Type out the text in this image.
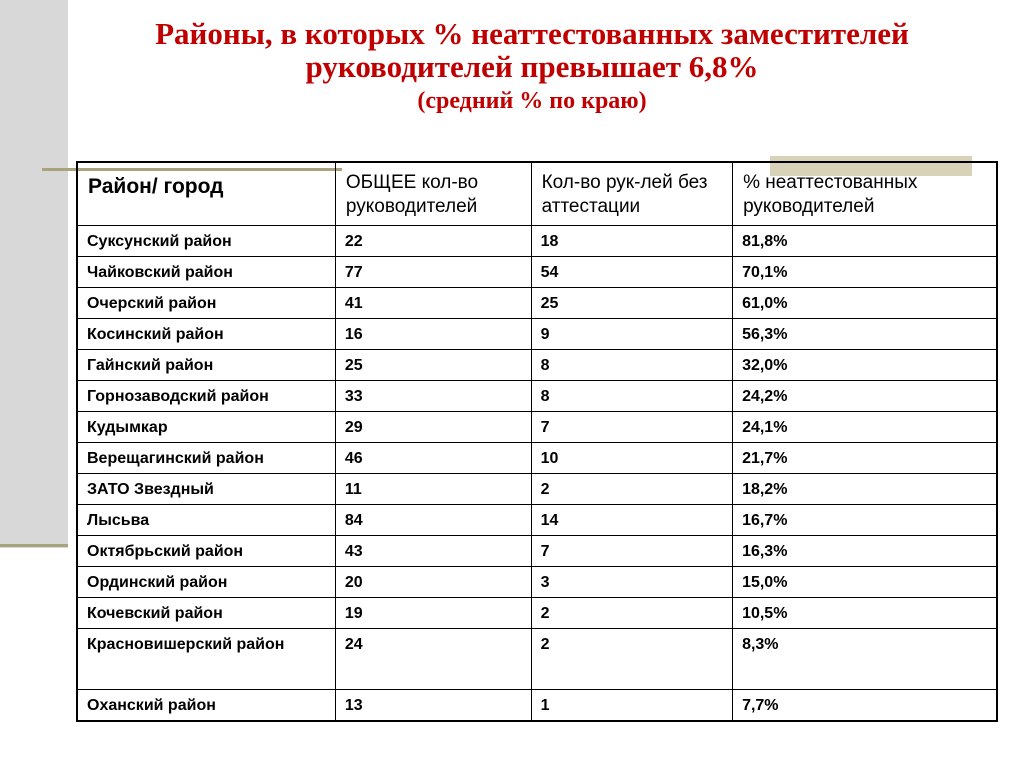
Районы, в которых % неаттестованных заместителей
руководителей превышает 6,8%
(средний % по краю)
Район/ город	ОБЩЕЕ кол-во руководителей	Кол-во рук-лей без аттестации	% неаттестованных руководителей
Суксунский район	22	18	81,8%
Чайковский район	77	54	70,1%
Очерский район	41	25	61,0%
Косинский район	16	9	56,3%
Гайнский район	25	8	32,0%
Горнозаводский район	33	8	24,2%
Кудымкар	29	7	24,1%
Верещагинский район	46	10	21,7%
ЗАТО Звездный	11	2	18,2%
Лысьва	84	14	16,7%
Октябрьский район	43	7	16,3%
Ординский район	20	3	15,0%
Кочевский район	19	2	10,5%
Красновишерский район	24	2	8,3%
Оханский район	13	1	7,7%
